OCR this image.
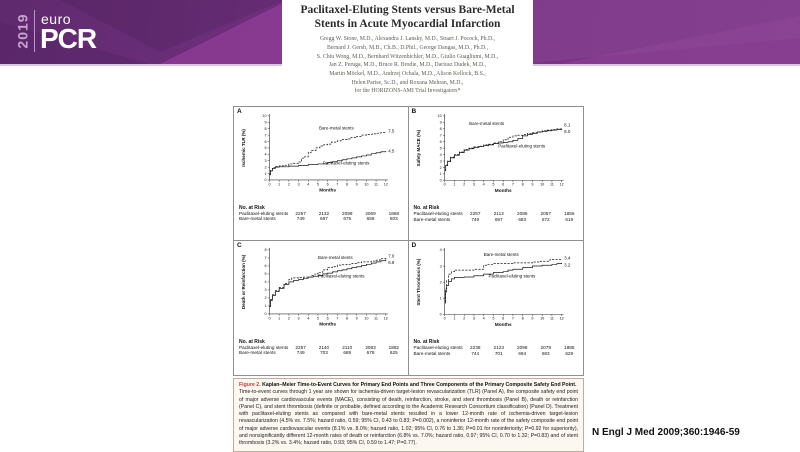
2019 euro
PCR
Paclitaxel-Eluting Stents versus Bare-Metal
Stents in Acute Myocardial Infarction
Gregg W. Stone, M.D., Alexandra J. Lansky, M.D., Stuart J. Pocock, Ph.D.,
Bernard J. Gersh, M.B., Ch.B., D.Phil., George Dangas, M.D., Ph.D.,
S. Chiu Wong, M.D., Bernhard Witzenbichler, M.D., Giulio Guagliumi, M.D.,
Jan Z. Peruga, M.D., Bruce R. Brodie, M.D., Dariusz Dudek, M.D.,
Martin Möckel, M.D., Andrzej Ochala, M.D., Alison Kellock, B.S.,
Helen Parise, Sc.D., and Roxana Mehran, M.D.,
for the HORIZONS-AMI Trial Investigators*
A
0 1 2 3 4 5 6 7 8 9 10 11 12
0
1
2
3
4
5
6
7
8
9
10
Months
Ischemic TLR (%)
Bare-metal stents
7.5
Paclitaxel-eluting stents
4.5
No. at Risk
Paclitaxel-eluting stents	2257	2132	2098	2069	1868
Bare-metal stents	749	697	675	658	603
B
0 1 2 3 4 5 6 7 8 9 10 11 12
0
1
2
3
4
5
6
7
8
9
10
Months
Safety MACE (%)
Bare-metal stents	8.1
Paclitaxel-eluting stents
8.0
No. at Risk
Paclitaxel-eluting stents	2257	2113	2086	2057	1856
Bare-metal stents	749	697	683	672	619
C
0 1 2 3 4 5 6 7 8 9 10 11 12
0
1
2
3
4
5
6
7
8
Months
Death or Reinfarction (%)	Bare-metal stents	7.0
Paclitaxel-eluting stents
6.8
No. at Risk
Paclitaxel-eluting stents	2257	2140	2110	2083	1882
Bare-metal stents	749	703	689	678	625
D
0 1 2 3 4 5 6 7 8 9 10 11 12
0
1
2
3
4
Months
Stent Thrombosis (%)
Bare-metal stents
3.4
Paclitaxel-eluting stents
3.2
No. at Risk
Paclitaxel-eluting stents	2238	2123	2098	2079	1885
Bare-metal stents	744	701	694	683	629
Figure 2. Kaplan–Meier Time-to-Event Curves for Primary End Points and Three Components of the Primary Composite Safety End Point.
Time-to-event curves through 1 year are shown for ischemia-driven target-lesion revascularization (TLR) (Panel A), the composite safety end point of major adverse cardiovascular events (MACE), consisting of death, reinfarction, stroke, and stent thrombosis (Panel B), death or reinfarction (Panel C), and stent thrombosis (definite or probable, defined according to the Academic Research Consortium classification) (Panel D). Treatment with paclitaxel-eluting stents as compared with bare-metal stents resulted in a lower 12-month rate of ischemia-driven target-lesion revascularization (4.5% vs. 7.5%; hazard ratio, 0.59; 95% CI, 0.43 to 0.83; P=0.002), a noninferior 12-month rate of the safety composite end point of major adverse cardiovascular events (8.1% vs. 8.0%; hazard ratio, 1.02; 95% CI, 0.76 to 1.36; P=0.01 for noninferiority; P=0.92 for superiority), and nonsignificantly different 12-month rates of death or reinfarction (6.8% vs. 7.0%; hazard ratio, 0.97; 95% CI, 0.70 to 1.32; P=0.83) and of stent thrombosis (3.2% vs. 3.4%; hazard ratio, 0.93; 95% CI, 0.59 to 1.47; P=0.77).
N Engl J Med 2009;360:1946-59
